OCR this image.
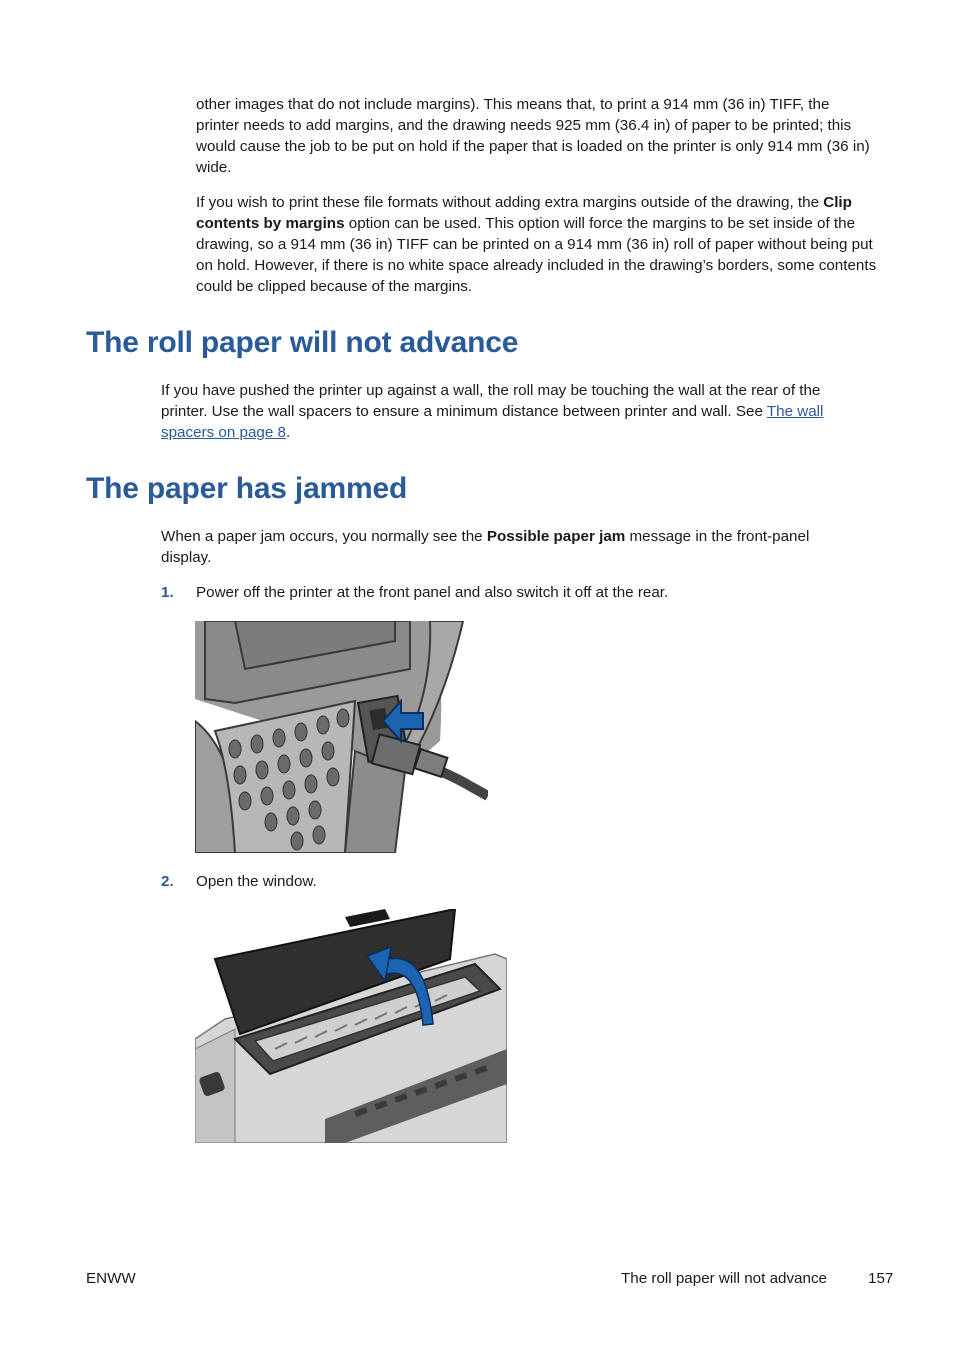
other images that do not include margins). This means that, to print a 914 mm (36 in) TIFF, the printer needs to add margins, and the drawing needs 925 mm (36.4 in) of paper to be printed; this would cause the job to be put on hold if the paper that is loaded on the printer is only 914 mm (36 in) wide.

If you wish to print these file formats without adding extra margins outside of the drawing, the Clip contents by margins option can be used. This option will force the margins to be set inside of the drawing, so a 914 mm (36 in) TIFF can be printed on a 914 mm (36 in) roll of paper without being put on hold. However, if there is no white space already included in the drawing’s borders, some contents could be clipped because of the margins.

The roll paper will not advance

If you have pushed the printer up against a wall, the roll may be touching the wall at the rear of the printer. Use the wall spacers to ensure a minimum distance between printer and wall. See The wall spacers on page 8.

The paper has jammed

When a paper jam occurs, you normally see the Possible paper jam message in the front-panel display.

1. Power off the printer at the front panel and also switch it off at the rear.
2. Open the window.
ENWW	The roll paper will not advance	157
